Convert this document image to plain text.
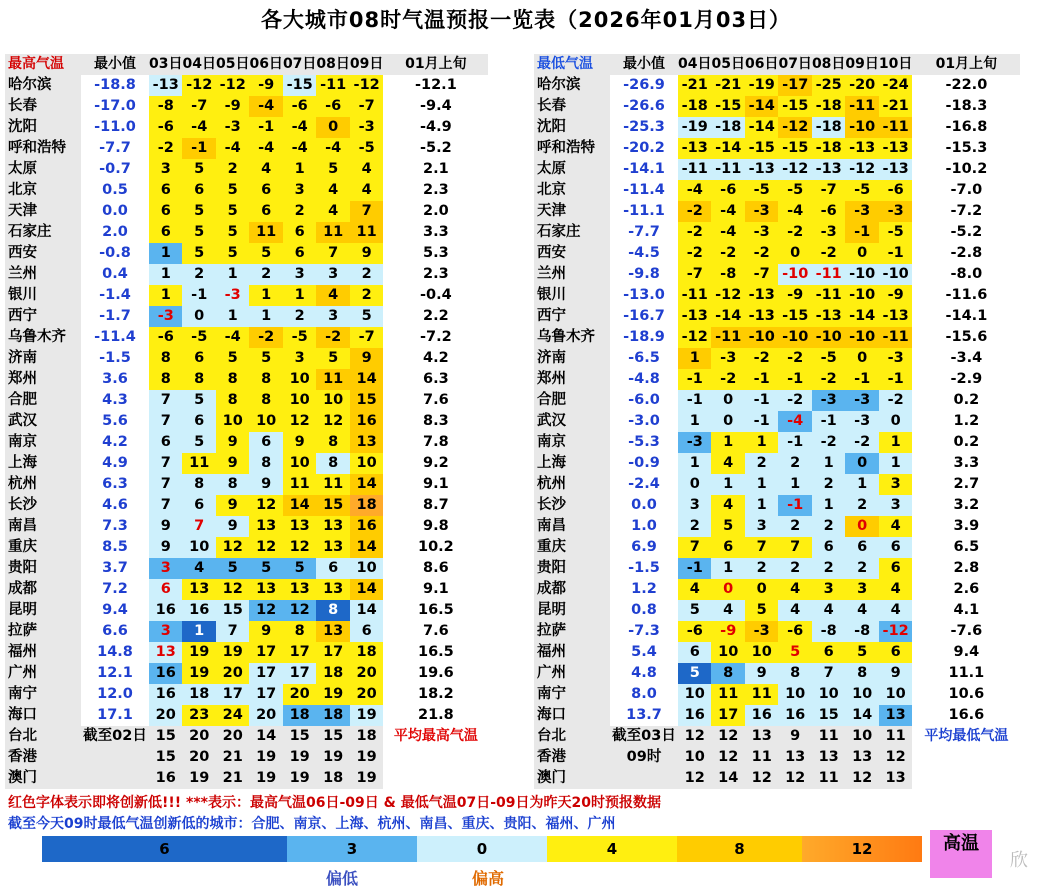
各大城市08时气温预报一览表（2026年01月03日）
最高气温	最小值	03日	04日	05日	06日	07日	08日	09日	01月上旬
哈尔滨	-18.8	-13	-12	-12	-9	-15	-11	-12	-12.1
长春	-17.0	-8	-7	-9	-4	-6	-6	-7	-9.4
沈阳	-11.0	-6	-4	-3	-1	-4	0	-3	-4.9
呼和浩特	-7.7	-2	-1	-4	-4	-4	-4	-5	-5.2
太原	-0.7	3	5	2	4	1	5	4	2.1
北京	0.5	6	6	5	6	3	4	4	2.3
天津	0.0	6	5	5	6	2	4	7	2.0
石家庄	2.0	6	5	5	11	6	11	11	3.3
西安	-0.8	1	5	5	5	6	7	9	5.3
兰州	0.4	1	2	1	2	3	3	2	2.3
银川	-1.4	1	-1	-3	1	1	4	2	-0.4
西宁	-1.7	-3	0	1	1	2	3	5	2.2
乌鲁木齐	-11.4	-6	-5	-4	-2	-5	-2	-7	-7.2
济南	-1.5	8	6	5	5	3	5	9	4.2
郑州	3.6	8	8	8	8	10	11	14	6.3
合肥	4.3	7	5	8	8	10	10	15	7.6
武汉	5.6	7	6	10	10	12	12	16	8.3
南京	4.2	6	5	9	6	9	8	13	7.8
上海	4.9	7	11	9	8	10	8	10	9.2
杭州	6.3	7	8	8	9	11	11	14	9.1
长沙	4.6	7	6	9	12	14	15	18	8.7
南昌	7.3	9	7	9	13	13	13	16	9.8
重庆	8.5	9	10	12	12	12	13	14	10.2
贵阳	3.7	3	4	5	5	5	6	10	8.6
成都	7.2	6	13	12	13	13	13	14	9.1
昆明	9.4	16	16	15	12	12	8	14	16.5
拉萨	6.6	3	1	7	9	8	13	6	7.6
福州	14.8	13	19	19	17	17	17	18	16.5
广州	12.1	16	19	20	17	17	18	20	19.6
南宁	12.0	16	18	17	17	20	19	20	18.2
海口	17.1	20	23	24	20	18	18	19	21.8
台北	截至02日	15	20	20	14	15	15	18	平均最高气温
香港		15	20	21	19	19	19	19	
澳门		16	19	21	19	19	18	19	
最低气温	最小值	04日	05日	06日	07日	08日	09日	10日	01月上旬
哈尔滨	-26.9	-21	-21	-19	-17	-25	-20	-24	-22.0
长春	-26.6	-18	-15	-14	-15	-18	-11	-21	-18.3
沈阳	-25.3	-19	-18	-14	-12	-18	-10	-11	-16.8
呼和浩特	-20.2	-13	-14	-15	-15	-18	-13	-13	-15.3
太原	-14.1	-11	-11	-13	-12	-13	-12	-13	-10.2
北京	-11.4	-4	-6	-5	-5	-7	-5	-6	-7.0
天津	-11.1	-2	-4	-3	-4	-6	-3	-3	-7.2
石家庄	-7.7	-2	-4	-3	-2	-3	-1	-5	-5.2
西安	-4.5	-2	-2	-2	0	-2	0	-1	-2.8
兰州	-9.8	-7	-8	-7	-10	-11	-10	-10	-8.0
银川	-13.0	-11	-12	-13	-9	-11	-10	-9	-11.6
西宁	-16.7	-13	-14	-13	-15	-13	-14	-13	-14.1
乌鲁木齐	-18.9	-12	-11	-10	-10	-10	-10	-11	-15.6
济南	-6.5	1	-3	-2	-2	-5	0	-3	-3.4
郑州	-4.8	-1	-2	-1	-1	-2	-1	-1	-2.9
合肥	-6.0	-1	0	-1	-2	-3	-3	-2	0.2
武汉	-3.0	1	0	-1	-4	-1	-3	0	1.2
南京	-5.3	-3	1	1	-1	-2	-2	1	0.2
上海	-0.9	1	4	2	2	1	0	1	3.3
杭州	-2.4	0	1	1	1	2	1	3	2.7
长沙	0.0	3	4	1	-1	1	2	3	3.2
南昌	1.0	2	5	3	2	2	0	4	3.9
重庆	6.9	7	6	7	7	6	6	6	6.5
贵阳	-1.5	-1	1	2	2	2	2	6	2.8
成都	1.2	4	0	0	4	3	3	4	2.6
昆明	0.8	5	4	5	4	4	4	4	4.1
拉萨	-7.3	-6	-9	-3	-6	-8	-8	-12	-7.6
福州	5.4	6	10	10	5	6	5	6	9.4
广州	4.8	5	8	9	8	7	8	9	11.1
南宁	8.0	10	11	11	10	10	10	10	10.6
海口	13.7	16	17	16	16	15	14	13	16.6
台北	截至03日	12	12	13	9	11	10	11	平均最低气温
香港	09时	10	12	11	13	13	13	12	
澳门		12	14	12	12	11	12	13	
红色字体表示即将创新低!!! ***表示：最高气温06日-09日 & 最低气温07日-09日为昨天20时预报数据
截至今天09时最低气温创新低的城市：合肥、南京、上海、杭州、南昌、重庆、贵阳、福州、广州
6	3	0	4	8	12
偏低	偏高
高温
欣
